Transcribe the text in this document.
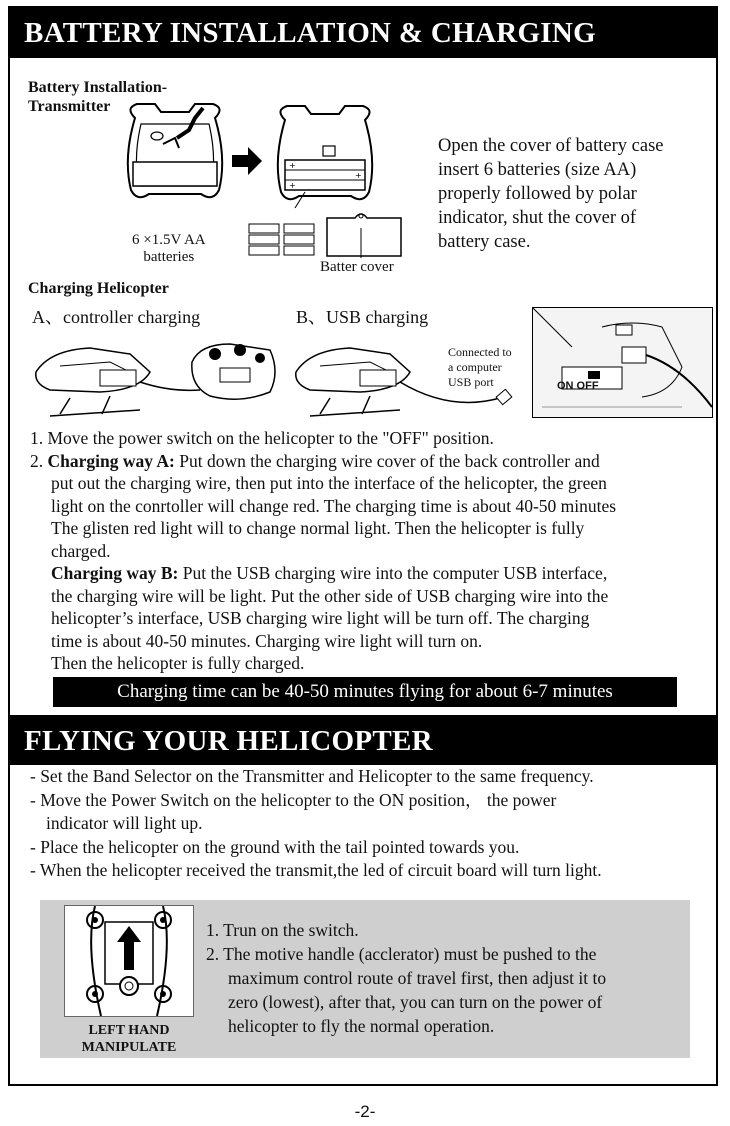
BATTERY INSTALLATION & CHARGING
Battery Installation-
Transmitter
+
+
+
6 ×1.5V AA
batteries
Batter cover
Open the cover of battery case
insert 6 batteries (size AA)
properly followed by polar
indicator, shut the cover of
battery case.
Charging Helicopter
A、controller charging	B、USB charging
Connected to
a computer
USB port	ON OFF
1. Move the power switch on the helicopter to the "OFF" position.
2. Charging way A: Put down the charging wire cover of the back controller and
put out the charging wire, then put into the interface of the helicopter, the green
light on the conrtoller will change red. The charging time is about 40-50 minutes
The glisten red light will to change normal light. Then the helicopter is fully
charged.
Charging way B: Put the USB charging wire into the computer USB interface,
the charging wire will be light. Put the other side of USB charging wire into the
helicopter’s interface, USB charging wire light will be turn off. The charging
time is about 40-50 minutes. Charging wire light will turn on.
Then the helicopter is fully charged.
Charging time can be 40-50 minutes flying for about 6-7 minutes
FLYING YOUR HELICOPTER
- Set the Band Selector on the Transmitter and Helicopter to the same frequency.
- Move the Power Switch on the helicopter to the ON position， the power
indicator will light up.
- Place the helicopter on the ground with the tail pointed towards you.
- When the helicopter received the transmit,the led of circuit board will turn light.
LEFT HAND
MANIPULATE
1. Trun on the switch.
2. The motive handle (acclerator) must be pushed to the
maximum control route of travel first, then adjust it to
zero (lowest), after that, you can turn on the power of
helicopter to fly the normal operation.
-2-
